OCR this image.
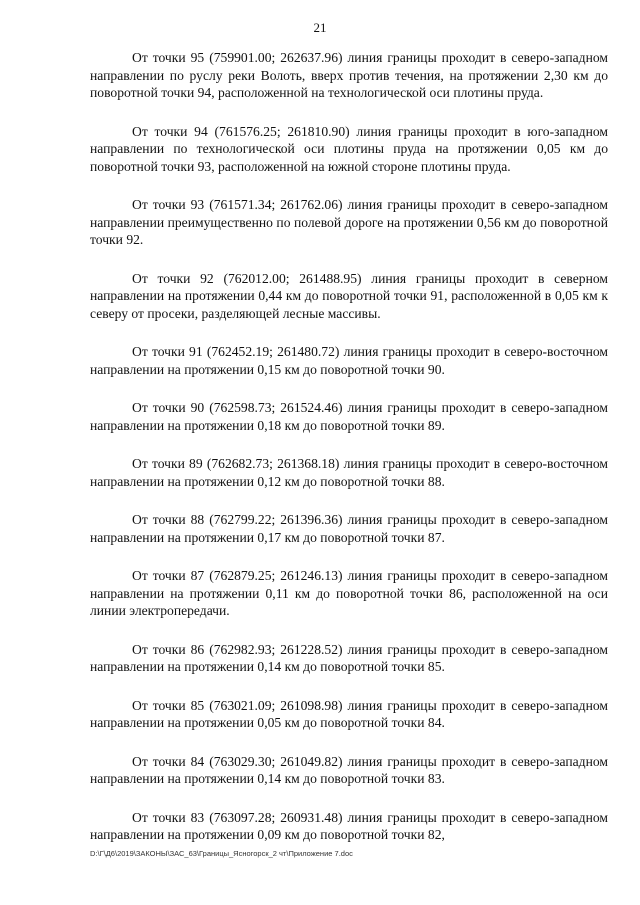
21

От точки 95 (759901.00; 262637.96) линия границы проходит в северо-западном направлении по руслу реки Волоть, вверх против течения, на протяжении 2,30 км до поворотной точки 94, расположенной на технологической оси плотины пруда.

От точки 94 (761576.25; 261810.90) линия границы проходит в юго-западном направлении по технологической оси плотины пруда на протяжении 0,05 км до поворотной точки 93, расположенной на южной стороне плотины пруда.

От точки 93 (761571.34; 261762.06) линия границы проходит в северо-западном направлении преимущественно по полевой дороге на протяжении 0,56 км до поворотной точки 92.

От точки 92 (762012.00; 261488.95) линия границы проходит в северном направлении на протяжении 0,44 км до поворотной точки 91, расположенной в 0,05 км к северу от просеки, разделяющей лесные массивы.

От точки 91 (762452.19; 261480.72) линия границы проходит в северо-восточном направлении на протяжении 0,15 км до поворотной точки 90.

От точки 90 (762598.73; 261524.46) линия границы проходит в северо-западном направлении на протяжении 0,18 км до поворотной точки 89.

От точки 89 (762682.73; 261368.18) линия границы проходит в северо-восточном направлении на протяжении 0,12 км до поворотной точки 88.

От точки 88 (762799.22; 261396.36) линия границы проходит в северо-западном направлении на протяжении 0,17 км до поворотной точки 87.

От точки 87 (762879.25; 261246.13) линия границы проходит в северо-западном направлении на протяжении 0,11 км до поворотной точки 86, расположенной на оси линии электропередачи.

От точки 86 (762982.93; 261228.52) линия границы проходит в северо-западном направлении на протяжении 0,14 км до поворотной точки 85.

От точки 85 (763021.09; 261098.98) линия границы проходит в северо-западном направлении на протяжении 0,05 км до поворотной точки 84.

От точки 84 (763029.30; 261049.82) линия границы проходит в северо-западном направлении на протяжении 0,14 км до поворотной точки 83.

От точки 83 (763097.28; 260931.48) линия границы проходит в северо-западном направлении на протяжении 0,09 км до поворотной точки 82,

D:\Г\Д6\2019\ЗАКОНЫ\ЗАС_63\Границы_Ясногорск_2 чт\Приложение 7.doc
